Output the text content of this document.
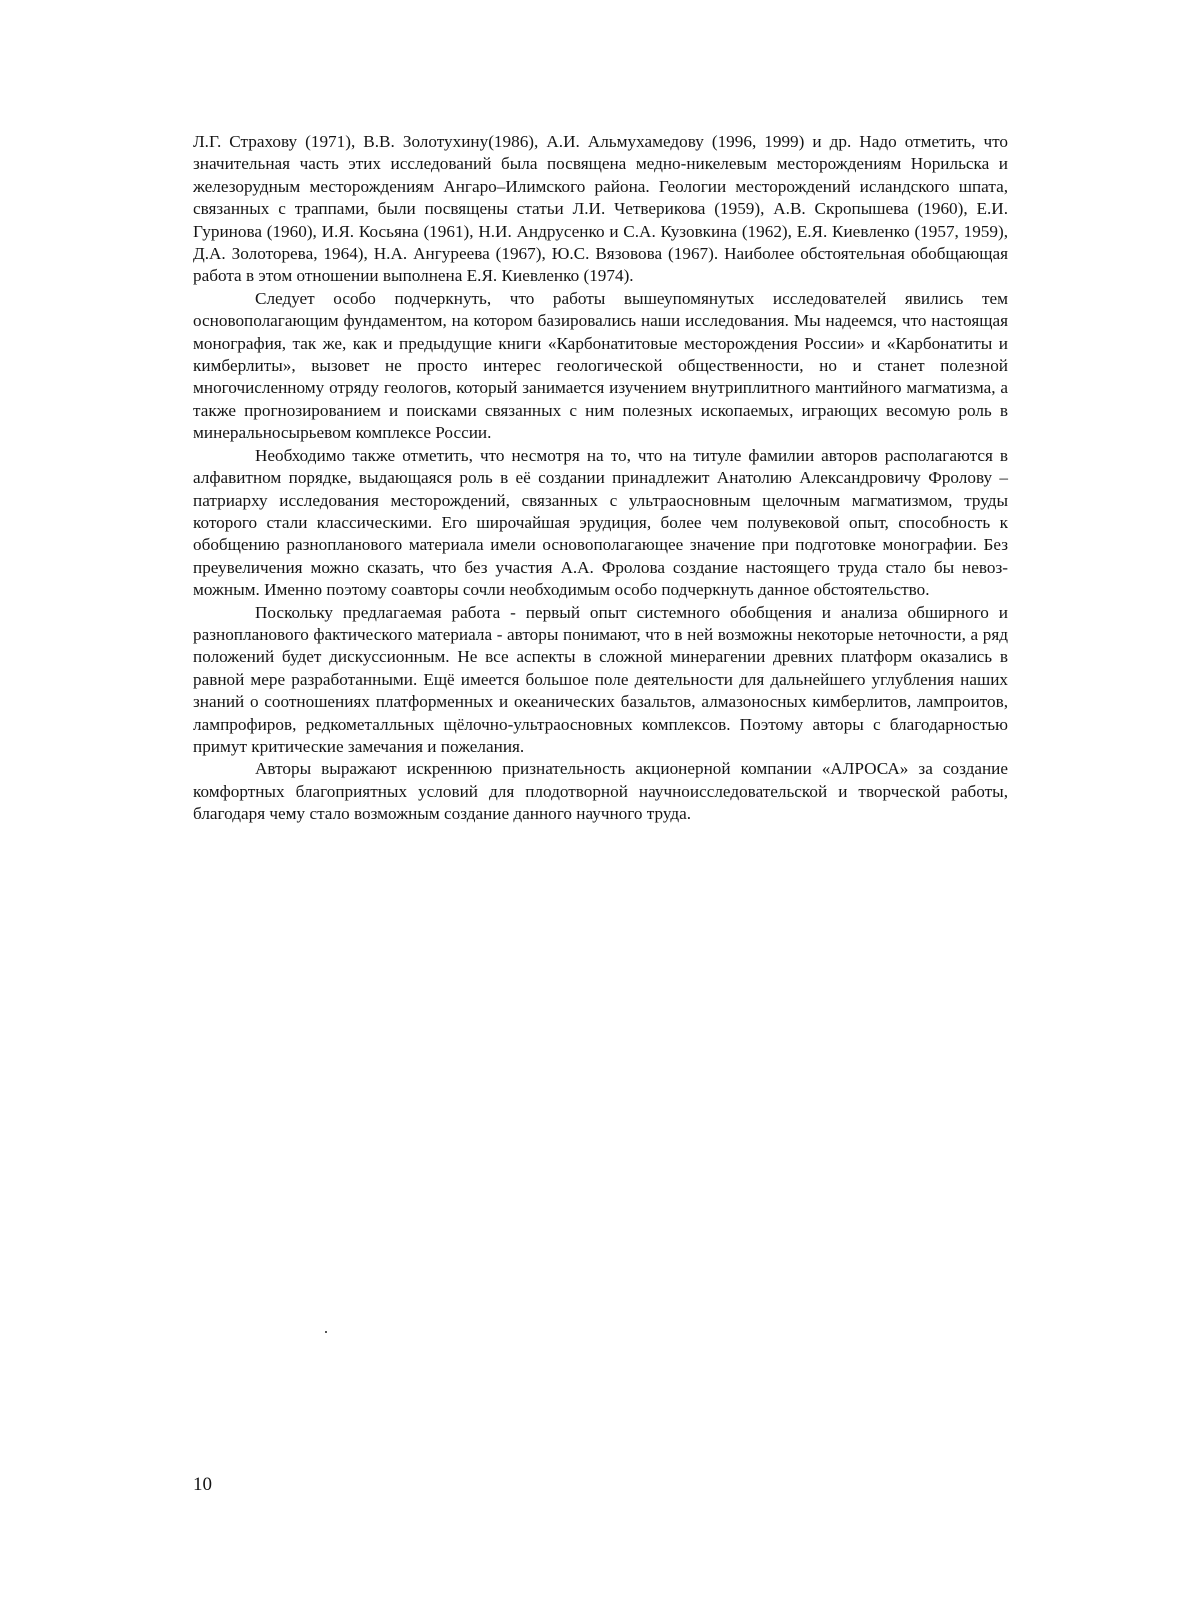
Л.Г. Страхову (1971), В.В. Золотухину(1986), А.И. Альмухамедову (1996, 1999) и др. Надо отметить, что значительная часть этих исследований была посвящена медно-никелевым месторождениям Норильска и железорудным месторождениям Ангаро–Илимского района. Геологии месторождений исландского шпата, связанных с траппами, были посвящены статьи Л.И. Четверикова (1959), А.В. Скропышева (1960), Е.И. Гуринова (1960), И.Я. Косьяна (1961), Н.И. Андрусенко и С.А. Кузовкина (1962), Е.Я. Киевленко (1957, 1959), Д.А. Золоторева, 1964), Н.А. Ангуреева (1967), Ю.С. Вязовова (1967). Наиболее обстоятельная обобщающая работа в этом отношении выполнена Е.Я. Киевленко (1974).

Следует особо подчеркнуть, что работы вышеупомянутых исследователей явились тем основополагающим фундаментом, на котором базировались наши исследования. Мы надеемся, что настоящая монография, так же, как и предыдущие книги «Карбонатитовые месторождения России» и «Карбонатиты и кимберлиты», вызовет не просто интерес геологической общественности, но и станет полезной многочисленному отряду геологов, который занимается изучением внутриплитного мантийного магматизма, а также прогнозированием и поисками связанных с ним полезных ископаемых, играющих весомую роль в минеральносырьевом комплексе России.

Необходимо также отметить, что несмотря на то, что на титуле фамилии авторов располагаются в алфавитном порядке, выдающаяся роль в её создании принадлежит Анатолию Александровичу Фролову – патриарху исследования месторождений, связанных с ультраосновным щелочным магматизмом, труды которого стали классическими. Его широчайшая эрудиция, более чем полувековой опыт, способность к обобщению разнопланового материала имели основополагающее значение при подготовке монографии. Без преувеличения можно сказать, что без участия А.А. Фролова создание настоящего труда стало бы невозможным. Именно поэтому соавторы сочли необходимым особо подчеркнуть данное обстоятельство.

Поскольку предлагаемая работа - первый опыт системного обобщения и анализа обширного и разнопланового фактического материала - авторы понимают, что в ней возможны некоторые неточности, а ряд положений будет дискуссионным. Не все аспекты в сложной минерагении древних платформ оказались в равной мере разработанными. Ещё имеется большое поле деятельности для дальнейшего углубления наших знаний о соотношениях платформенных и океанических базальтов, алмазоносных кимберлитов, лампроитов, лампрофиров, редкометалльных щёлочно-ультраосновных комплексов. Поэтому авторы с благодарностью примут критические замечания и пожелания.

Авторы выражают искреннюю признательность акционерной компании «АЛРОСА» за создание комфортных благоприятных условий для плодотворной научноисследовательской и творческой работы, благодаря чему стало возможным создание данного научного труда.

10
